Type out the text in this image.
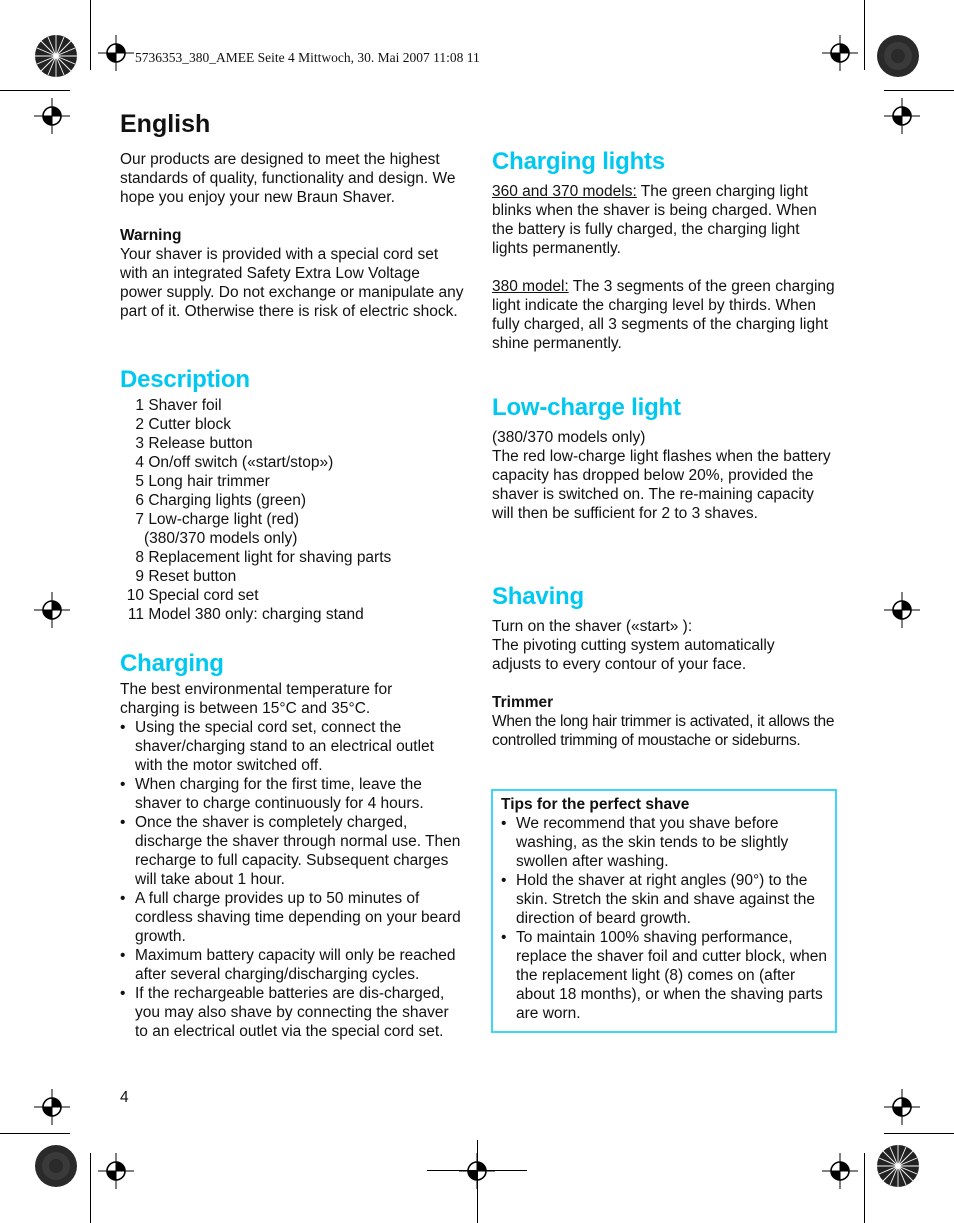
5736353_380_AMEE Seite 4 Mittwoch, 30. Mai 2007 11:08 11
English
Our products are designed to meet the highest standards of quality, functionality and design. We hope you enjoy your new Braun Shaver.
Warning
Your shaver is provided with a special cord set with an integrated Safety Extra Low Voltage power supply. Do not exchange or manipulate any part of it. Otherwise there is risk of electric shock.
Description
1 Shaver foil
2 Cutter block
3 Release button
4 On/off switch («start/stop»)
5 Long hair trimmer
6 Charging lights (green)
7 Low-charge light (red)
(380/370 models only)
8 Replacement light for shaving parts
9 Reset button
10 Special cord set
11 Model 380 only: charging stand
Charging
The best environmental temperature for charging is between 15°C and 35°C.
• Using the special cord set, connect the shaver/charging stand to an electrical outlet with the motor switched off.
• When charging for the first time, leave the shaver to charge continuously for 4 hours.
• Once the shaver is completely charged, discharge the shaver through normal use. Then recharge to full capacity. Subsequent charges will take about 1 hour.
• A full charge provides up to 50 minutes of cordless shaving time depending on your beard growth.
• Maximum battery capacity will only be reached after several charging/discharging cycles.
• If the rechargeable batteries are dis-charged, you may also shave by connecting the shaver to an electrical outlet via the special cord set.
4
Charging lights
360 and 370 models: The green charging light blinks when the shaver is being charged. When the battery is fully charged, the charging light lights permanently.
380 model: The 3 segments of the green charging light indicate the charging level by thirds. When fully charged, all 3 segments of the charging light shine permanently.
Low-charge light
(380/370 models only)
The red low-charge light flashes when the battery capacity has dropped below 20%, provided the shaver is switched on. The re-maining capacity will then be sufficient for 2 to 3 shaves.
Shaving
Turn on the shaver («start» ):
The pivoting cutting system automatically adjusts to every contour of your face.
Trimmer
When the long hair trimmer is activated, it allows the controlled trimming of moustache or sideburns.
Tips for the perfect shave
• We recommend that you shave before washing, as the skin tends to be slightly swollen after washing.
• Hold the shaver at right angles (90°) to the skin. Stretch the skin and shave against the direction of beard growth.
• To maintain 100% shaving performance, replace the shaver foil and cutter block, when the replacement light (8) comes on (after about 18 months), or when the shaving parts are worn.
